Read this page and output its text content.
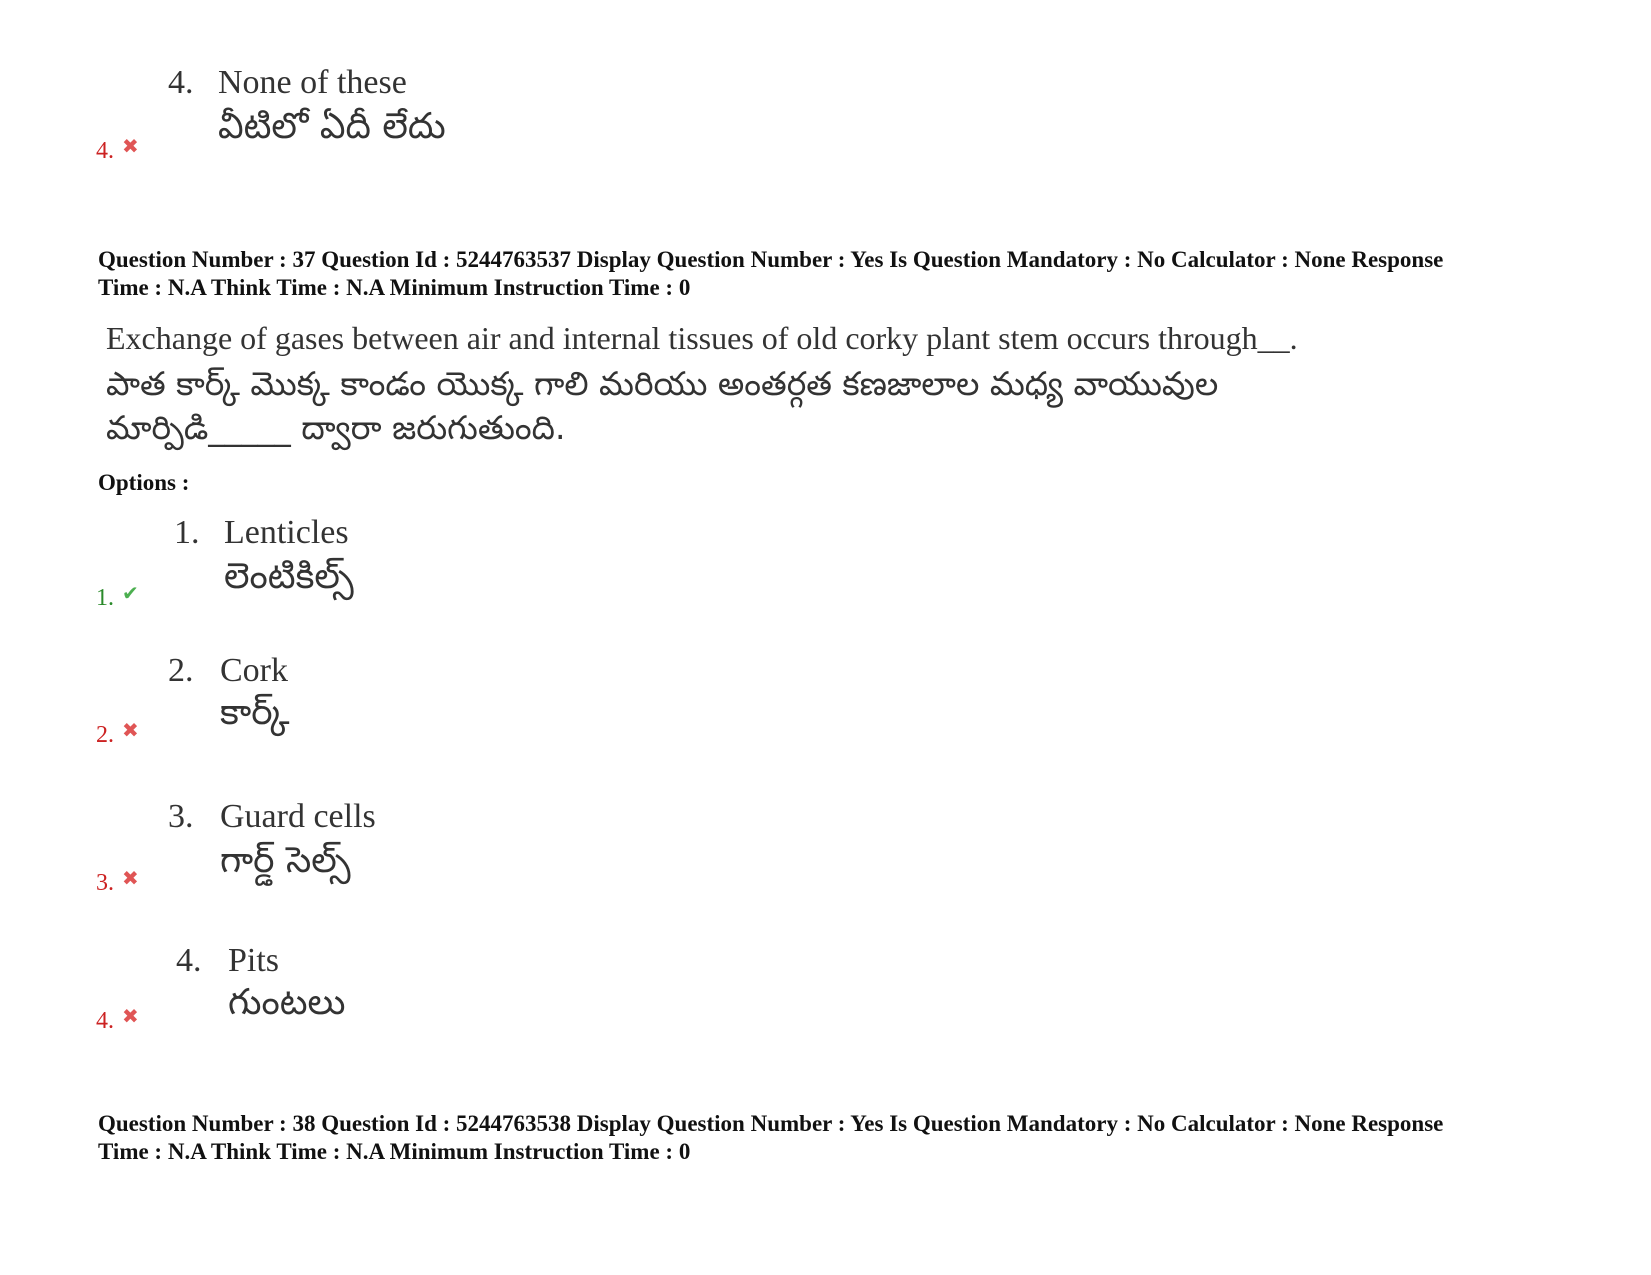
4. None of these
వీటిలో ఏదీ లేదు
4. ✖
Question Number : 37 Question Id : 5244763537 Display Question Number : Yes Is Question Mandatory : No Calculator : None Response
Time : N.A Think Time : N.A Minimum Instruction Time : 0
Exchange of gases between air and internal tissues of old corky plant stem occurs through__.
పాత కార్క్ మొక్క కాండం యొక్క గాలి మరియు అంతర్గత కణజాలాల మధ్య వాయువుల
మార్పిడి_____ ద్వారా జరుగుతుంది.
Options :
1. Lenticles
లెంటికిల్స్
1. ✔
2. Cork
కార్క్
2. ✖
3. Guard cells
గార్డ్ సెల్స్
3. ✖
4. Pits
గుంటలు
4. ✖
Question Number : 38 Question Id : 5244763538 Display Question Number : Yes Is Question Mandatory : No Calculator : None Response
Time : N.A Think Time : N.A Minimum Instruction Time : 0
